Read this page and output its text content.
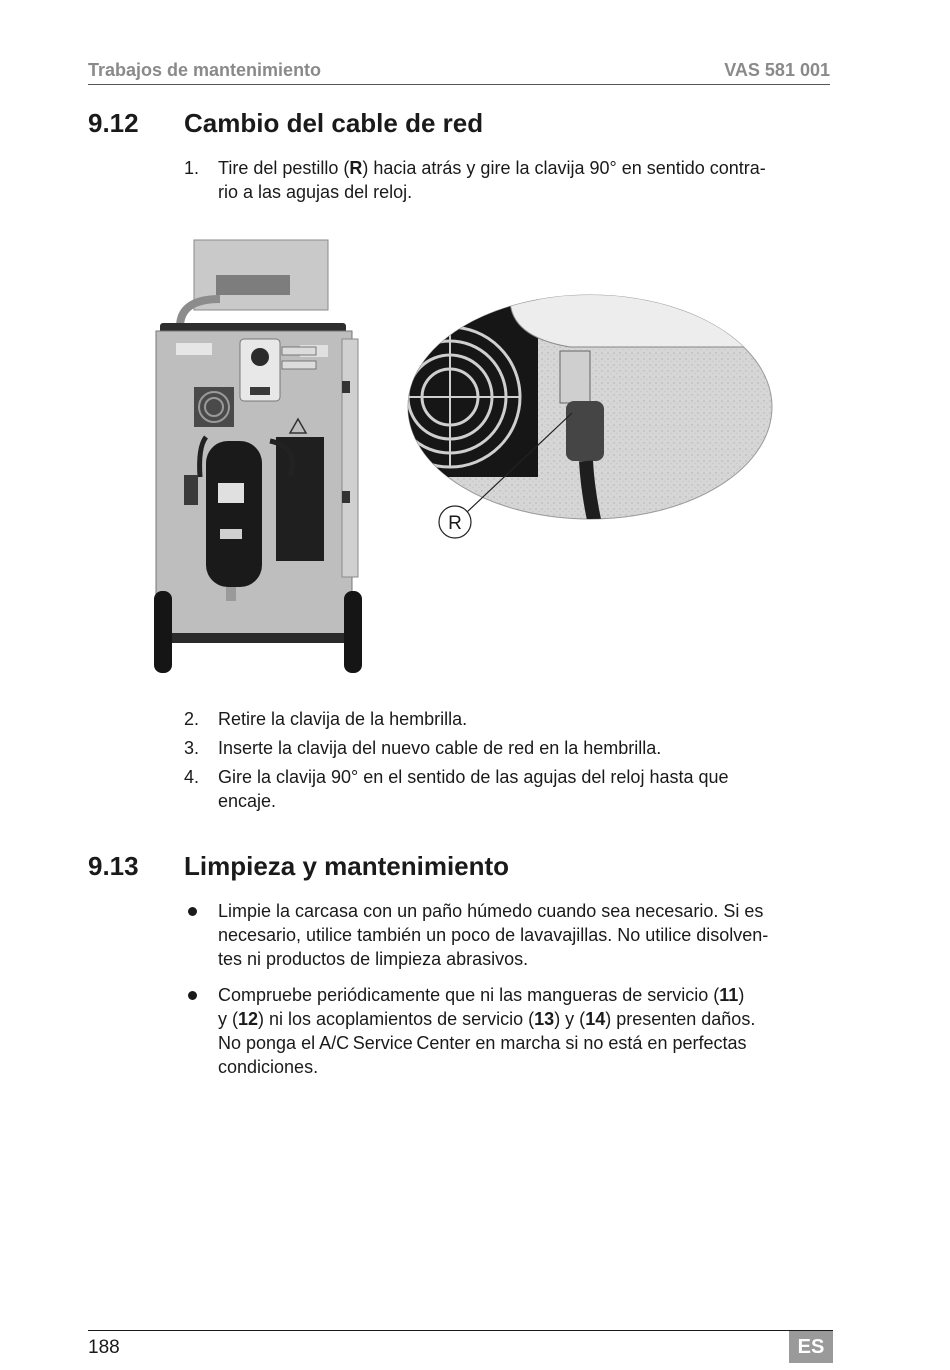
Trabajos de mantenimiento	VAS 581 001
9.12 Cambio del cable de red
1. Tire del pestillo (R) hacia atrás y gire la clavija 90° en sentido contra-
rio a las agujas del reloj.
R
2. Retire la clavija de la hembrilla.
3. Inserte la clavija del nuevo cable de red en la hembrilla.
4. Gire la clavija 90° en el sentido de las agujas del reloj hasta que
encaje.
9.13 Limpieza y mantenimiento
Limpie la carcasa con un paño húmedo cuando sea necesario. Si es
necesario, utilice también un poco de lavavajillas. No utilice disolven-
tes ni productos de limpieza abrasivos.
Compruebe periódicamente que ni las mangueras de servicio (11)
y (12) ni los acoplamientos de servicio (13) y (14) presenten daños.
No ponga el A/C Service Center en marcha si no está en perfectas
condiciones.
188	ES
